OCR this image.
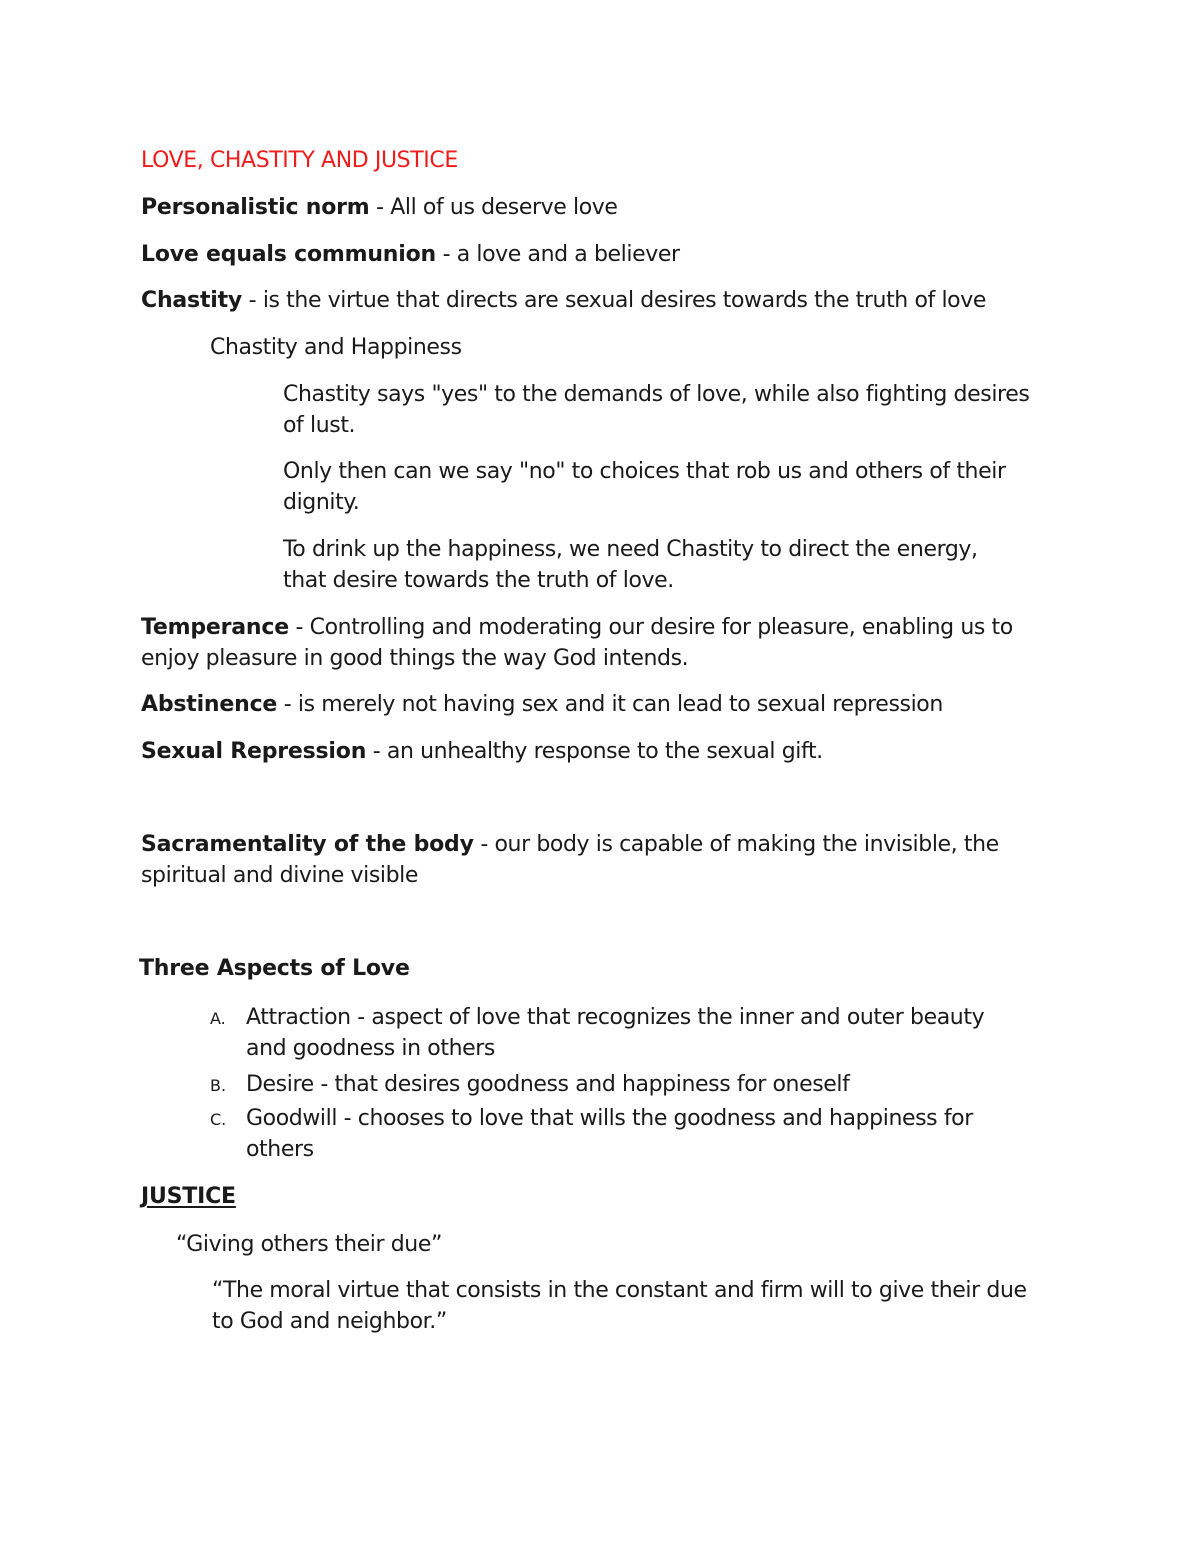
LOVE, CHASTITY AND JUSTICE
Personalistic norm - All of us deserve love
Love equals communion - a love and a believer
Chastity - is the virtue that directs are sexual desires towards the truth of love
Chastity and Happiness
Chastity says "yes" to the demands of love, while also fighting desires
of lust.
Only then can we say "no" to choices that rob us and others of their
dignity.
To drink up the happiness, we need Chastity to direct the energy,
that desire towards the truth of love.
Temperance - Controlling and moderating our desire for pleasure, enabling us to
enjoy pleasure in good things the way God intends.
Abstinence - is merely not having sex and it can lead to sexual repression
Sexual Repression - an unhealthy response to the sexual gift.
Sacramentality of the body - our body is capable of making the invisible, the
spiritual and divine visible
Three Aspects of Love
A. Attraction - aspect of love that recognizes the inner and outer beauty
and goodness in others
B. Desire - that desires goodness and happiness for oneself
C. Goodwill - chooses to love that wills the goodness and happiness for
others
JUSTICE
“Giving others their due”
“The moral virtue that consists in the constant and firm will to give their due
to God and neighbor.”
